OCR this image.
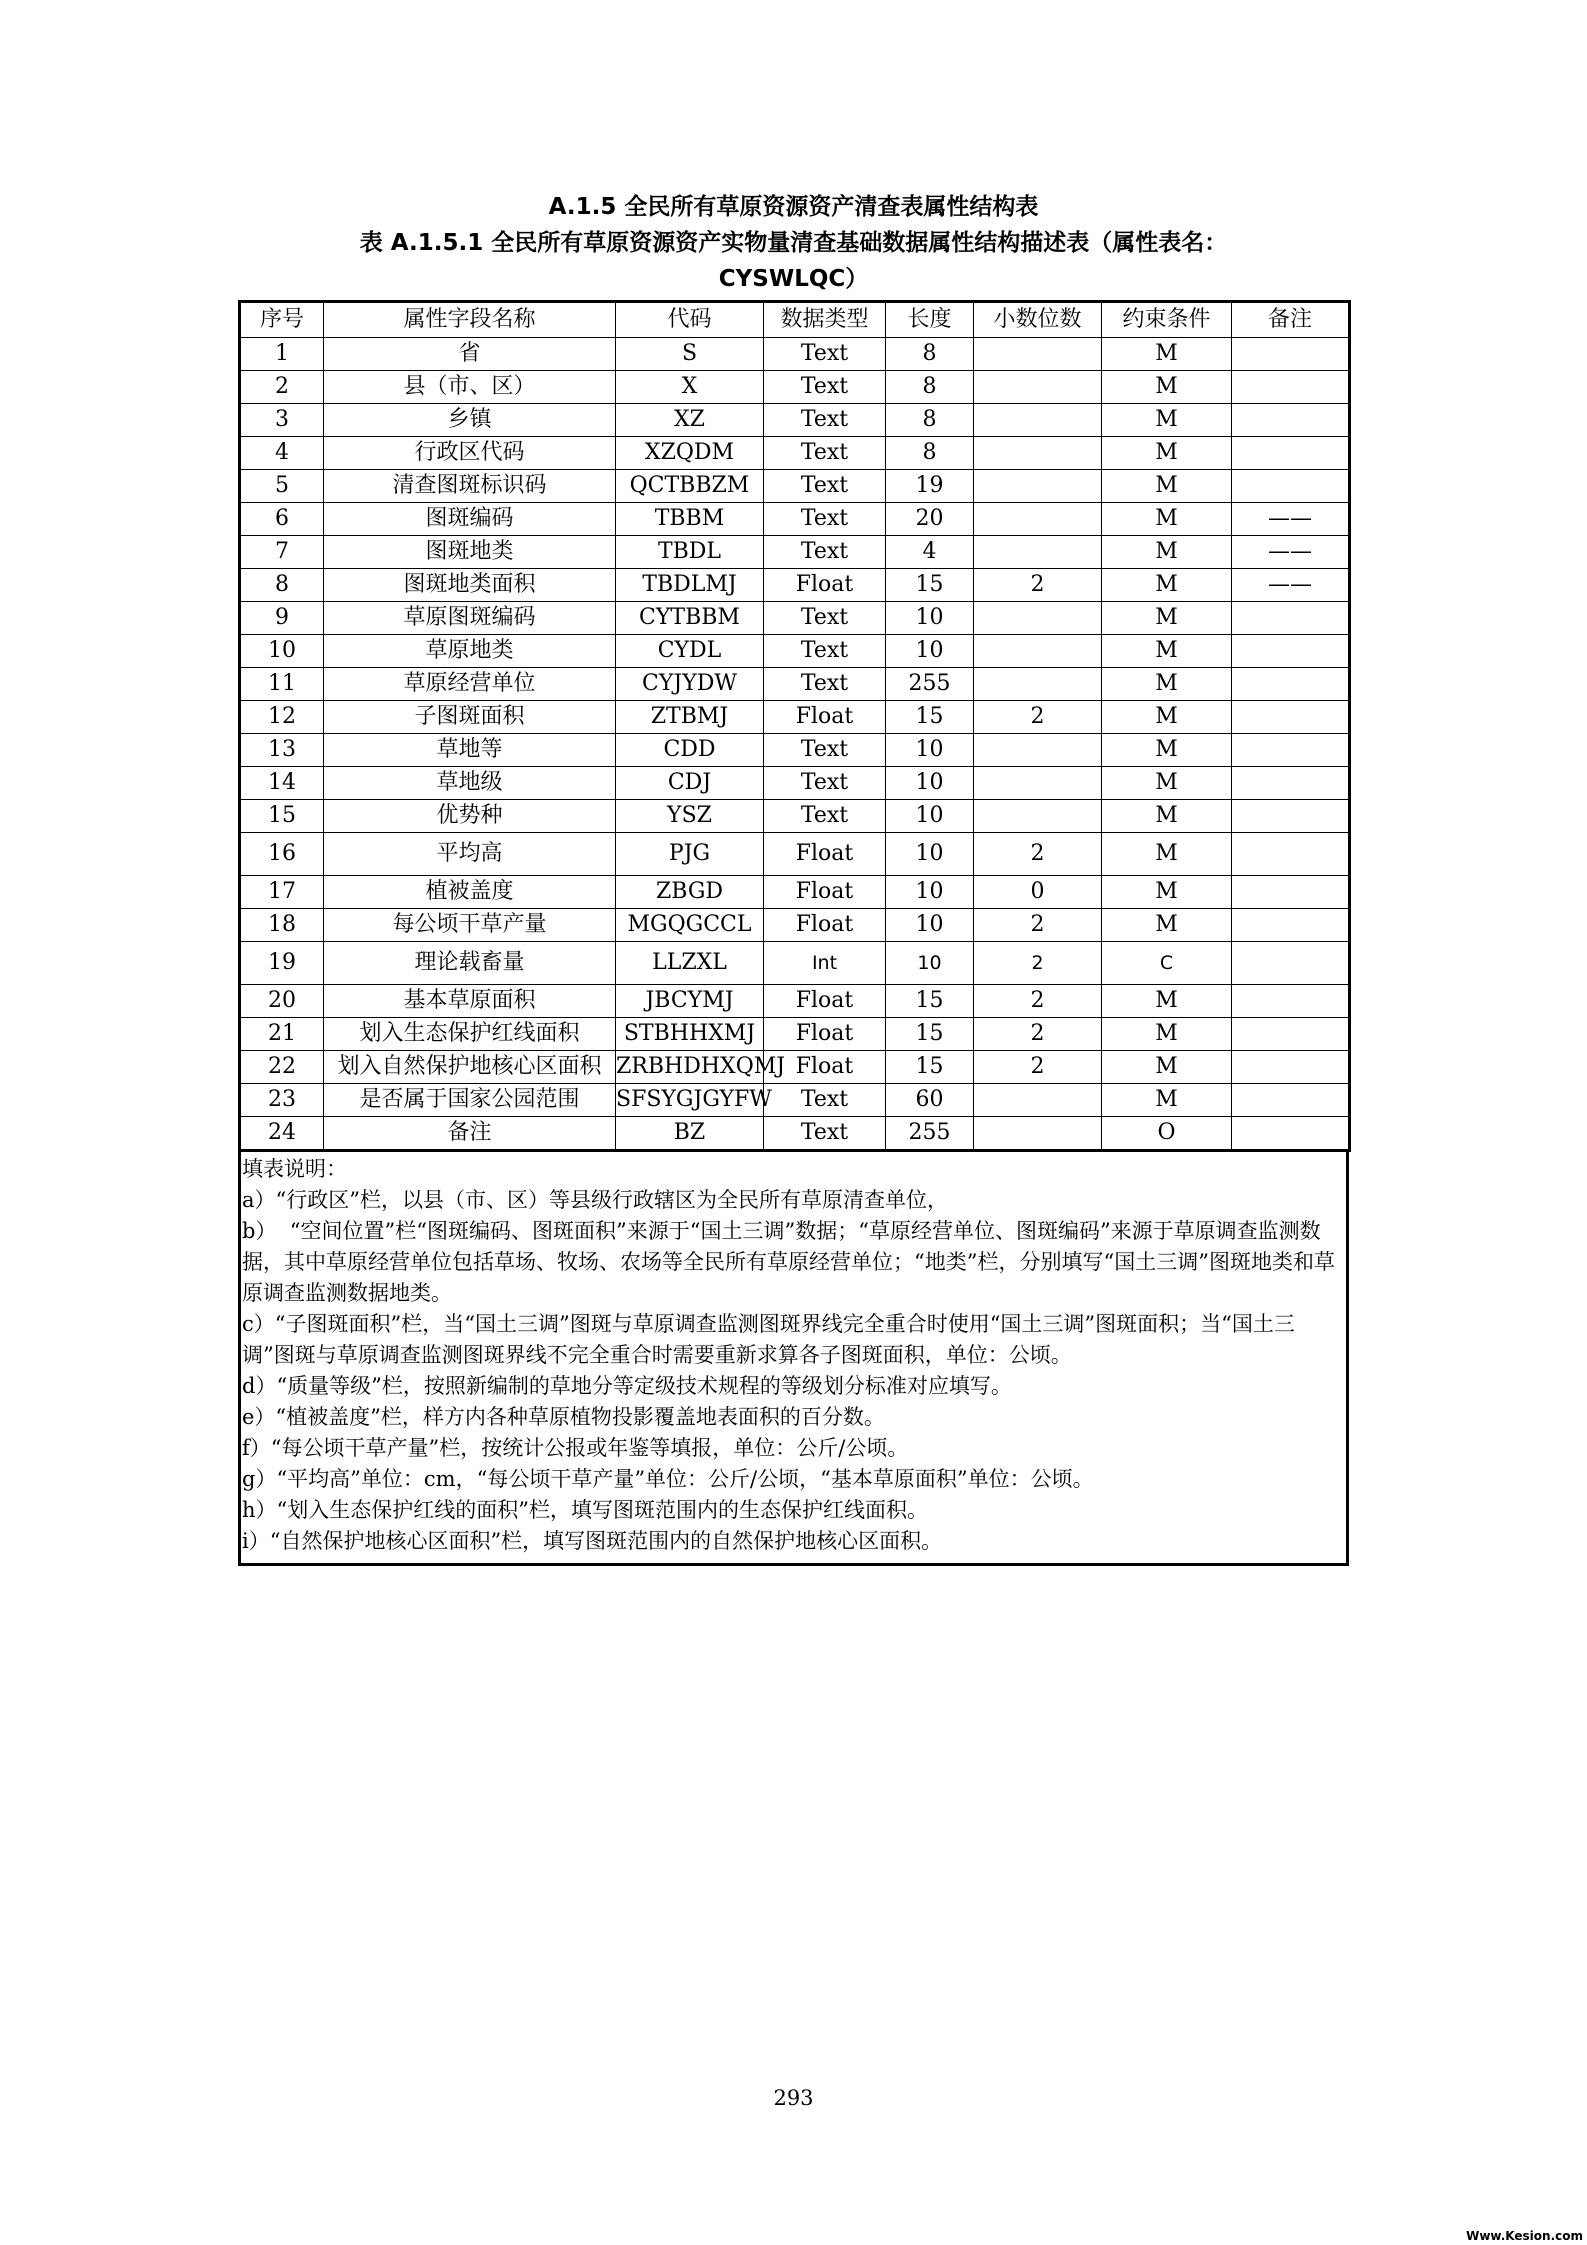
A.1.5 全民所有草原资源资产清查表属性结构表
表 A.1.5.1 全民所有草原资源资产实物量清查基础数据属性结构描述表（属性表名：
CYSWLQC）
序号	属性字段名称	代码	数据类型	长度	小数位数	约束条件	备注
1	省	S	Text	8		M	
2	县（市、区）	X	Text	8		M	
3	乡镇	XZ	Text	8		M	
4	行政区代码	XZQDM	Text	8		M	
5	清查图斑标识码	QCTBBZM	Text	19		M	
6	图斑编码	TBBM	Text	20		M	——
7	图斑地类	TBDL	Text	4		M	——
8	图斑地类面积	TBDLMJ	Float	15	2	M	——
9	草原图斑编码	CYTBBM	Text	10		M	
10	草原地类	CYDL	Text	10		M	
11	草原经营单位	CYJYDW	Text	255		M	
12	子图斑面积	ZTBMJ	Float	15	2	M	
13	草地等	CDD	Text	10		M	
14	草地级	CDJ	Text	10		M	
15	优势种	YSZ	Text	10		M	
16	平均高	PJG	Float	10	2	M	
17	植被盖度	ZBGD	Float	10	0	M	
18	每公顷干草产量	MGQGCCL	Float	10	2	M	
19	理论载畜量	LLZXL	Int	10	2	C	
20	基本草原面积	JBCYMJ	Float	15	2	M	
21	划入生态保护红线面积	STBHHXMJ	Float	15	2	M	
22	划入自然保护地核心区面积	ZRBHDHXQMJ	Float	15	2	M	
23	是否属于国家公园范围	SFSYGJGYFW	Text	60		M	
24	备注	BZ	Text	255		O	

填表说明：

a）“行政区”栏，以县（市、区）等县级行政辖区为全民所有草原清查单位，

b）  “空间位置”栏“图斑编码、图斑面积”来源于“国土三调”数据；“草原经营单位、图斑编码”来源于草原调查监测数据，其中草原经营单位包括草场、牧场、农场等全民所有草原经营单位；“地类”栏，分别填写“国土三调”图斑地类和草原调查监测数据地类。

c）“子图斑面积”栏，当“国土三调”图斑与草原调查监测图斑界线完全重合时使用“国土三调”图斑面积；当“国土三调”图斑与草原调查监测图斑界线不完全重合时需要重新求算各子图斑面积，单位：公顷。

d）“质量等级”栏，按照新编制的草地分等定级技术规程的等级划分标准对应填写。

e）“植被盖度”栏，样方内各种草原植物投影覆盖地表面积的百分数。

f）“每公顷干草产量”栏，按统计公报或年鉴等填报，单位：公斤/公顷。

g）“平均高”单位：cm，“每公顷干草产量”单位：公斤/公顷，“基本草原面积”单位：公顷。

h）“划入生态保护红线的面积”栏，填写图斑范围内的生态保护红线面积。

i）“自然保护地核心区面积”栏，填写图斑范围内的自然保护地核心区面积。

293
Www.Kesion.com
